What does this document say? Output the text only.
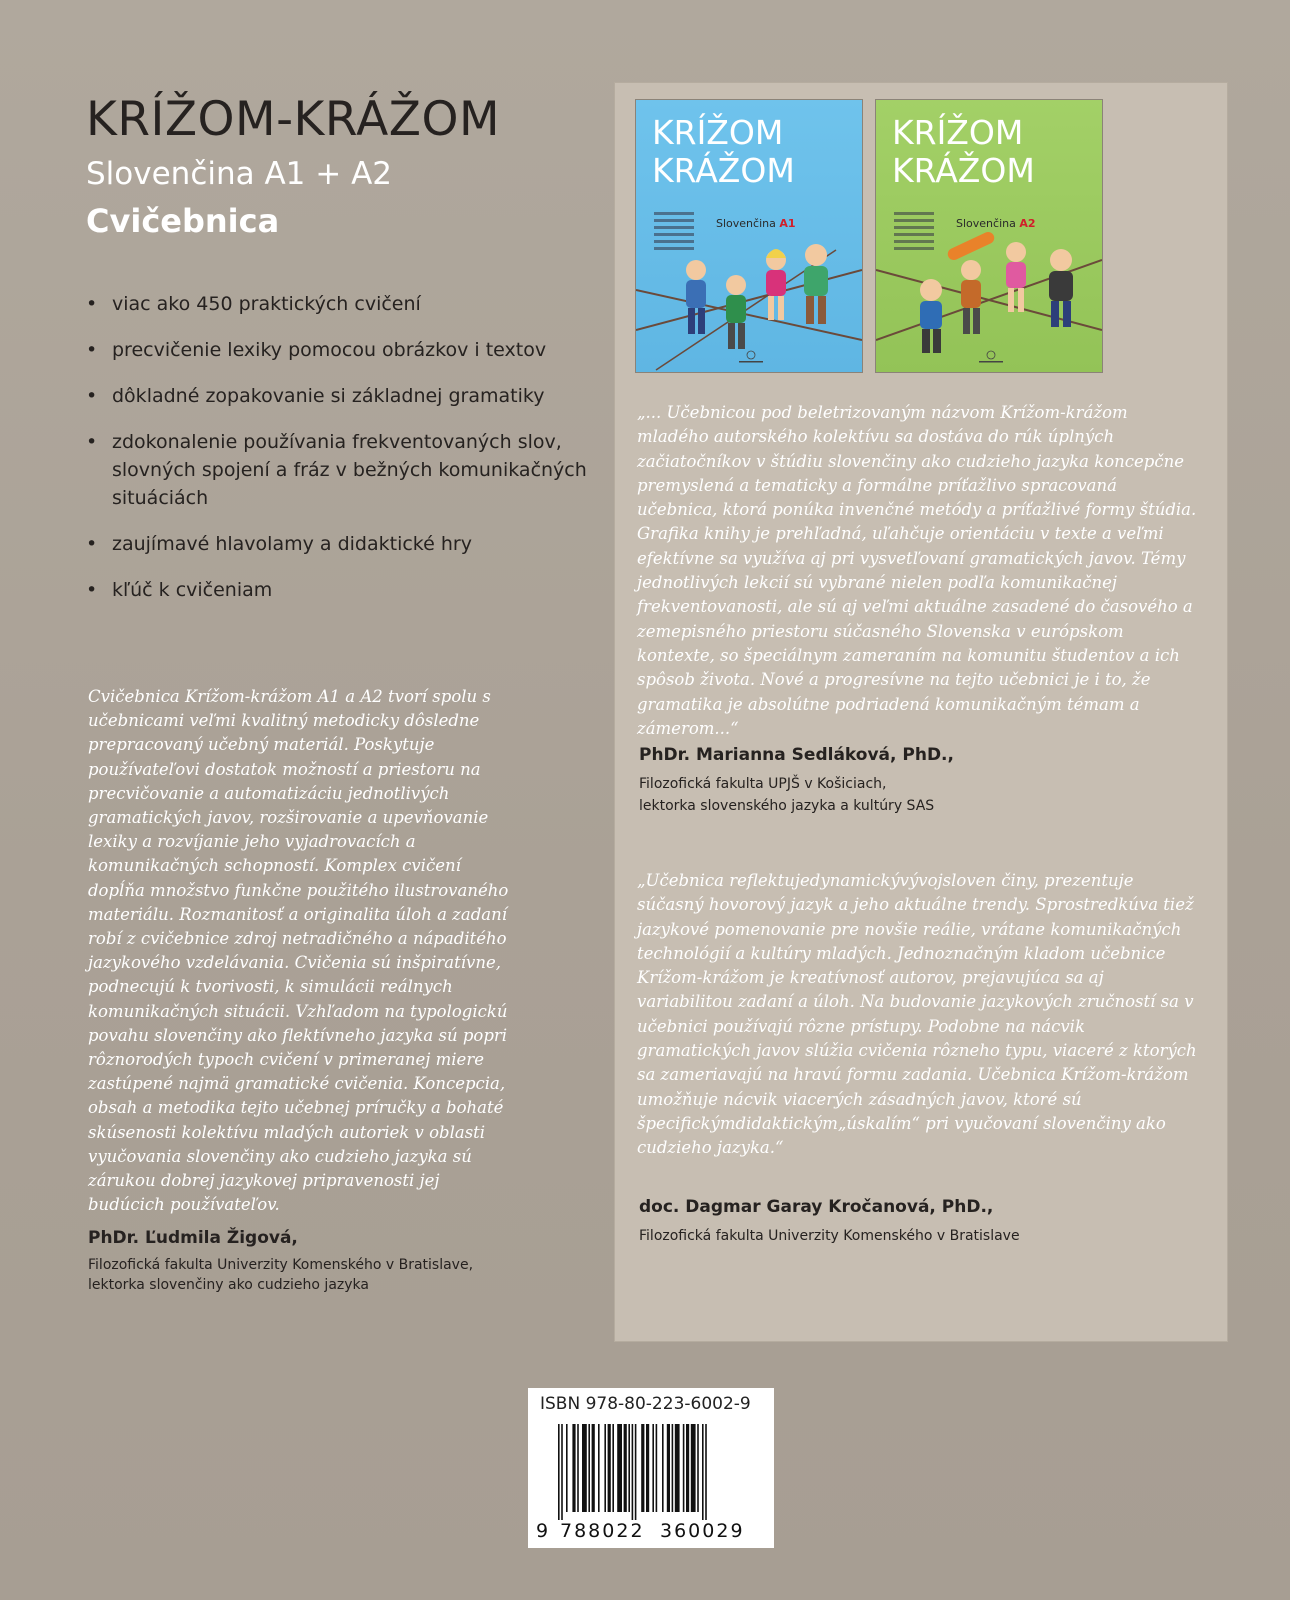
KRÍŽOM-KRÁŽOM

Slovenčina A1 + A2

Cvičebnica

• viac ako 450 praktických cvičení
• precvičenie lexiky pomocou obrázkov i textov
• dôkladné zopakovanie si základnej gramatiky
• zdokonalenie používania frekventovaných slov, slovných spojení a fráz v bežných komunikačných situáciách
• zaujímavé hlavolamy a didaktické hry
• kľúč k cvičeniam

Cvičebnica Krížom-krážom A1 a A2 tvorí spolu s učebnicami veľmi kvalitný metodicky dôsledne prepracovaný učebný materiál. Poskytuje používateľovi dostatok možností a priestoru na precvičovanie a automatizáciu jednotlivých gramatických javov, rozširovanie a upevňovanie lexiky a rozvíjanie jeho vyjadrovacích a komunikačných schopností. Komplex cvičení dopĺňa množstvo funkčne použitého ilustrovaného materiálu. Rozmanitosť a originalita úloh a zadaní robí z cvičebnice zdroj netradičného a nápaditého jazykového vzdelávania. Cvičenia sú inšpiratívne, podnecujú k tvorivosti, k simulácii reálnych komunikačných situácii. Vzhľadom na typologickú povahu slovenčiny ako flektívneho jazyka sú popri rôznorodých typoch cvičení v primeranej miere zastúpené najmä gramatické cvičenia. Koncepcia, obsah a metodika tejto učebnej príručky a bohaté skúsenosti kolektívu mladých autoriek v oblasti vyučovania slovenčiny ako cudzieho jazyka sú zárukou dobrej jazykovej pripravenosti jej budúcich používateľov.

PhDr. Ľudmila Žigová,

Filozofická fakulta Univerzity Komenského v Bratislave,

lektorka slovenčiny ako cudzieho jazyka

KRÍŽOM
KRÁŽOM
Slovenčina A1
KRÍŽOM
KRÁŽOM
Slovenčina A2

„... Učebnicou pod beletrizovaným názvom Krížom-krážom mladého autorského kolektívu sa dostáva do rúk úplných začiatočníkov v štúdiu slovenčiny ako cudzieho jazyka koncepčne premyslená a tematicky a formálne príťažlivo spracovaná učebnica, ktorá ponúka invenčné metódy a príťažlivé formy štúdia. Grafika knihy je prehľadná, uľahčuje orientáciu v texte a veľmi efektívne sa využíva aj pri vysvetľovaní gramatických javov. Témy jednotlivých lekcií sú vybrané nielen podľa komunikačnej frekventovanosti, ale sú aj veľmi aktuálne zasadené do časového a zemepisného priestoru súčasného Slovenska v európskom kontexte, so špeciálnym zameraním na komunitu študentov a ich spôsob života. Nové a progresívne na tejto učebnici je i to, že gramatika je absolútne podriadená komunikačným témam a zámerom...“

PhDr. Marianna Sedláková, PhD.,

Filozofická fakulta UPJŠ v Košiciach,

lektorka slovenského jazyka a kultúry SAS

„Učebnica reflektujedynamickývývojsloven činy, prezentuje súčasný hovorový jazyk a jeho aktuálne trendy. Sprostredkúva tiež jazykové pomenovanie pre novšie reálie, vrátane komunikačných technológií a kultúry mladých. Jednoznačným kladom učebnice Krížom-krážom je kreatívnosť autorov, prejavujúca sa aj variabilitou zadaní a úloh. Na budovanie jazykových zručností sa v učebnici používajú rôzne prístupy. Podobne na nácvik gramatických javov slúžia cvičenia rôzneho typu, viaceré z ktorých sa zameriavajú na hravú formu zadania. Učebnica Krížom-krážom umožňuje nácvik viacerých zásadných javov, ktoré sú špecifickýmdidaktickým„úskalím“ pri vyučovaní slovenčiny ako cudzieho jazyka.“

doc. Dagmar Garay Kročanová, PhD.,

Filozofická fakulta Univerzity Komenského v Bratislave

ISBN 978-80-223-6002-9

9 788022 360029
